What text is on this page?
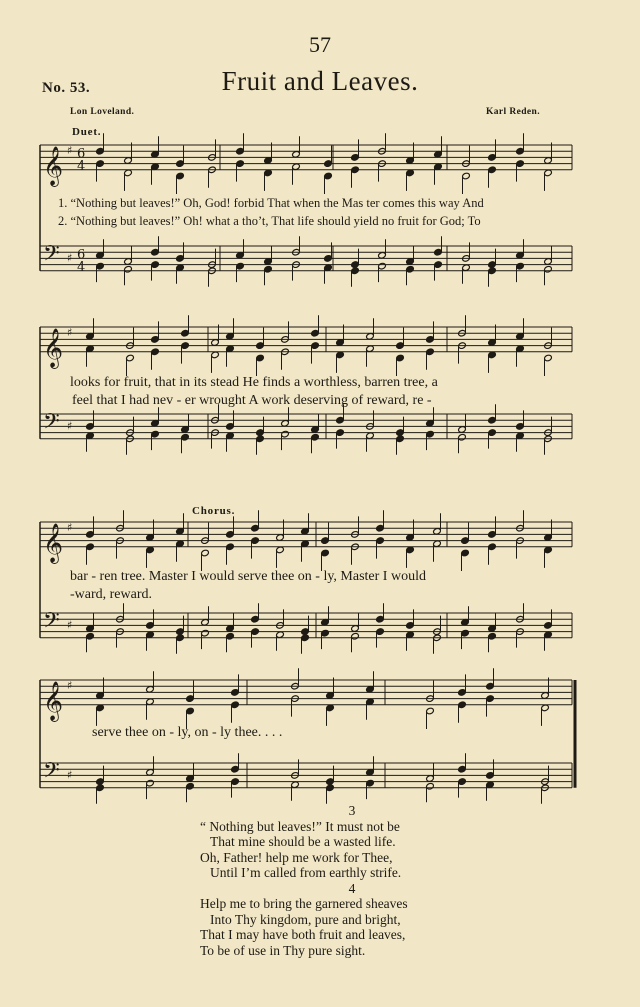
57
No. 53.	Fruit and Leaves.
Lon Loveland.	Karl Reden.
Duet.
Chorus.
𝄞
𝄢
♯
♯
6
4
6
4
𝄞
𝄢
♯
♯
𝄞
𝄢
♯
♯
𝄞
𝄢
♯
♯
1. “Nothing but leaves!” Oh, God! forbid That when the Mas ter comes this way And
2. “Nothing but leaves!” Oh! what a tho’t, That life should yield no fruit for God; To
looks for fruit, that in its stead He finds a worthless, barren tree, a
feel that I had nev - er wrought A work deserving of reward, re -
bar - ren tree. Master I would serve thee on - ly, Master I would
-ward, reward.
serve thee on - ly, on - ly thee. . . .
3
“ Nothing but leaves!” It must not be
That mine should be a wasted life.
Oh, Father! help me work for Thee,
Until I’m called from earthly strife.
4
Help me to bring the garnered sheaves
Into Thy kingdom, pure and bright,
That I may have both fruit and leaves,
To be of use in Thy pure sight.
